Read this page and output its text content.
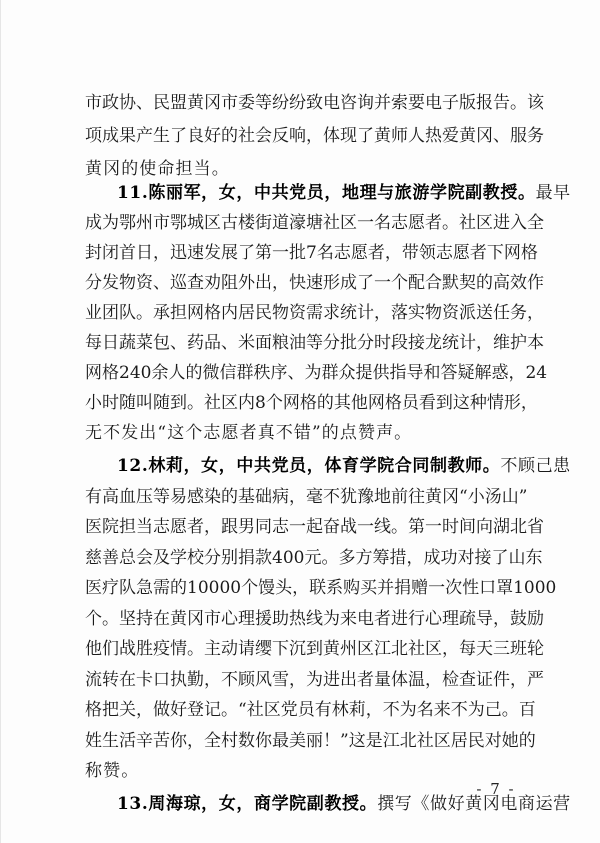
市政协、民盟黄冈市委等纷纷致电咨询并索要电子版报告。该
项成果产生了良好的社会反响，体现了黄师人热爱黄冈、服务
黄冈的使命担当。
11.陈丽军，女，中共党员，地理与旅游学院副教授。最早
成为鄂州市鄂城区古楼街道濠塘社区一名志愿者。社区进入全
封闭首日，迅速发展了第一批7名志愿者，带领志愿者下网格
分发物资、巡查劝阻外出，快速形成了一个配合默契的高效作
业团队。承担网格内居民物资需求统计，落实物资派送任务，
每日蔬菜包、药品、米面粮油等分批分时段接龙统计，维护本
网格240余人的微信群秩序、为群众提供指导和答疑解惑，24
小时随叫随到。社区内8个网格的其他网格员看到这种情形，
无不发出“这个志愿者真不错”的点赞声。
12.林莉，女，中共党员，体育学院合同制教师。不顾己患
有高血压等易感染的基础病，毫不犹豫地前往黄冈“小汤山”
医院担当志愿者，跟男同志一起奋战一线。第一时间向湖北省
慈善总会及学校分别捐款400元。多方筹措，成功对接了山东
医疗队急需的10000个馒头，联系购买并捐赠一次性口罩1000
个。坚持在黄冈市心理援助热线为来电者进行心理疏导，鼓励
他们战胜疫情。主动请缨下沉到黄州区江北社区，每天三班轮
流转在卡口执勤，不顾风雪，为进出者量体温，检查证件，严
- 7 -
格把关，做好登记。“社区党员有林莉，不为名来不为己。百
姓生活辛苦你，全村数你最美丽！”这是江北社区居民对她的
称赞。
13.周海琼，女，商学院副教授。撰写《做好黄冈电商运营
